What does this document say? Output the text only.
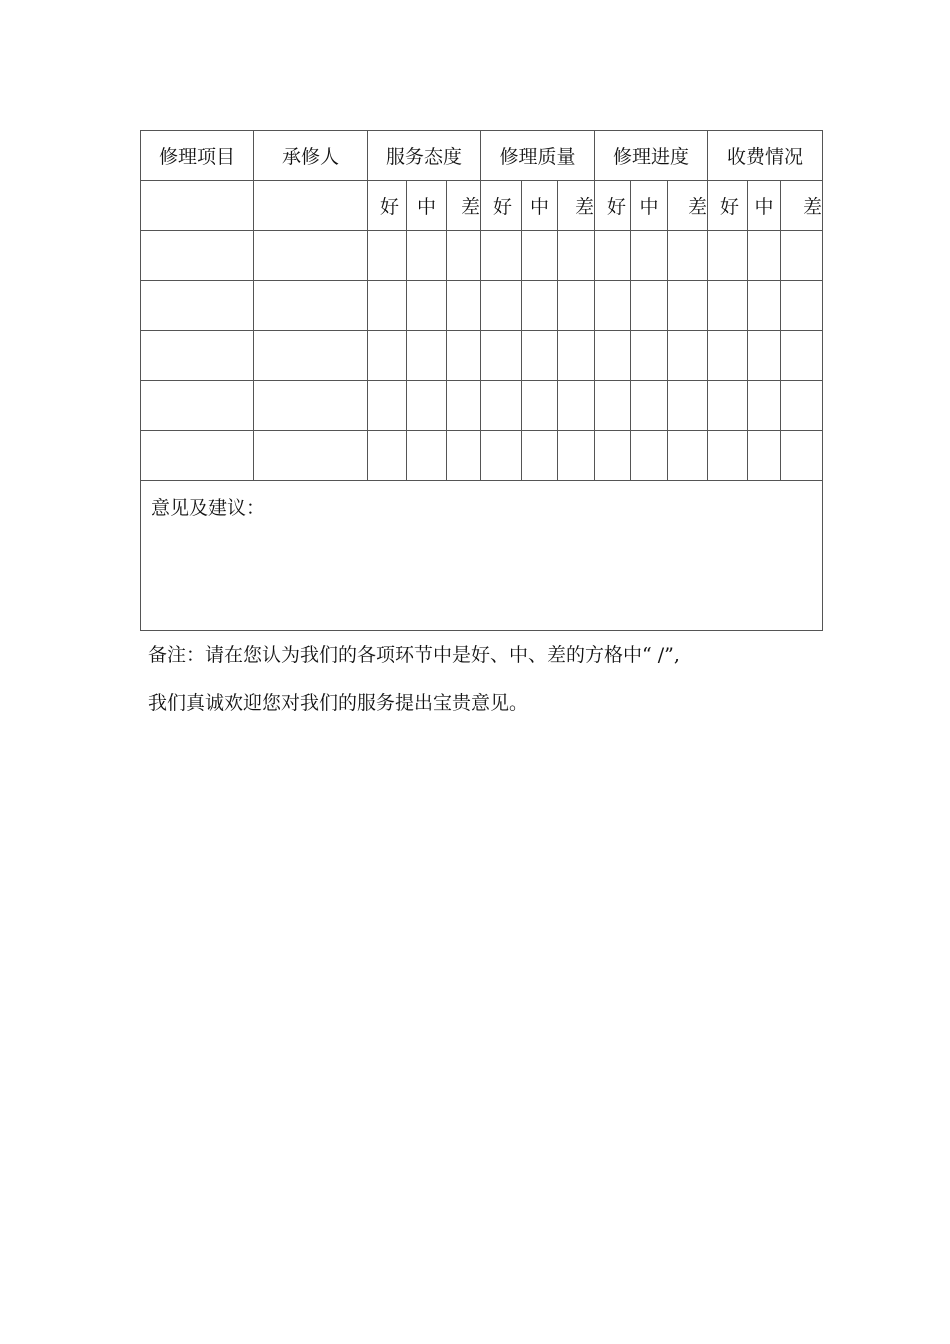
修理项目	承修人	服务态度			修理质量			修理进度			收费情况		
		好	中	差	好	中	差	好	中	差	好	中	差

意见及建议：													
备注：请在您认为我们的各项环节中是好、中、差的方格中“ /”,
我们真诚欢迎您对我们的服务提出宝贵意见。
